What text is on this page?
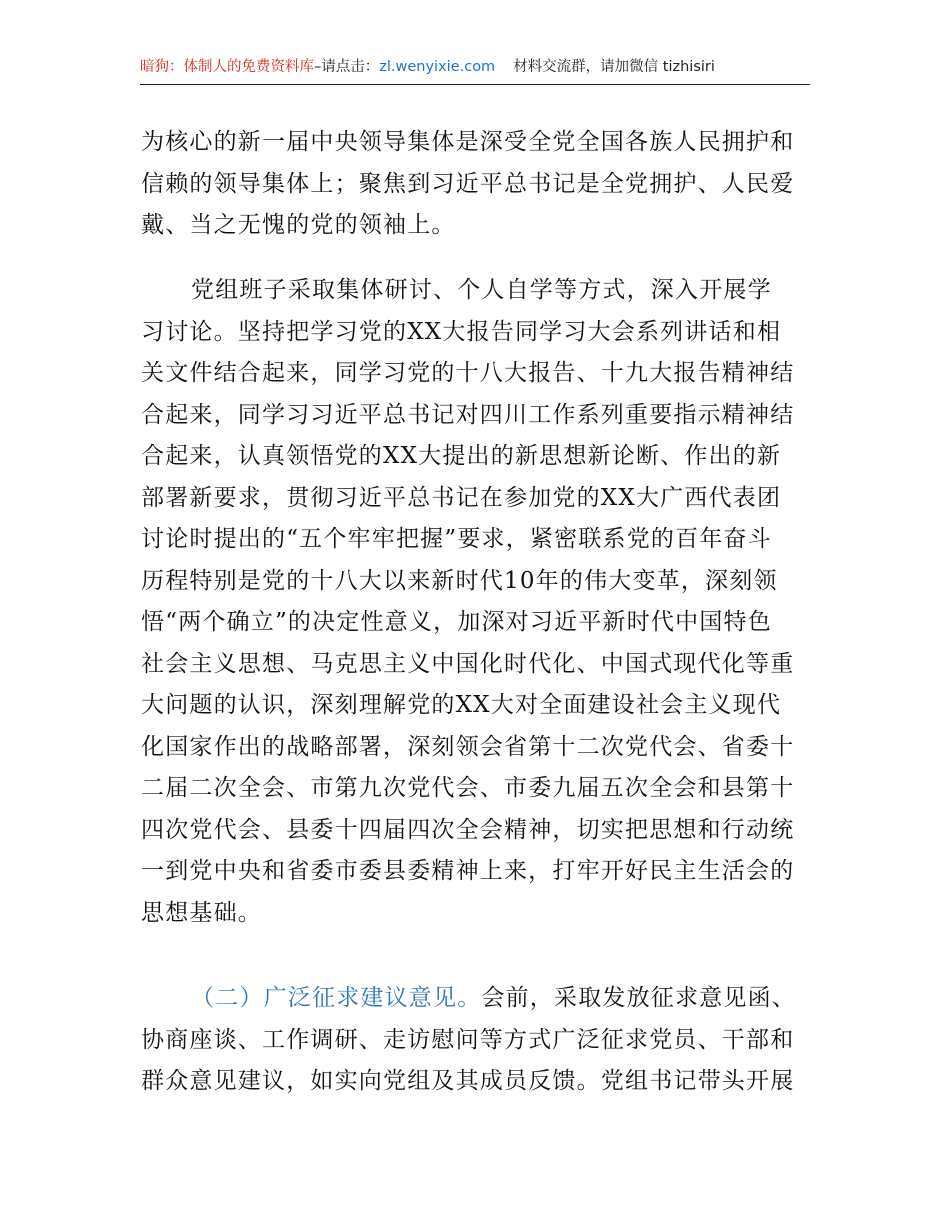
暗狗：体制人的免费资料库–请点击：zl.wenyixie.com 材料交流群，请加微信 tizhisiri
为核心的新一届中央领导集体是深受全党全国各族人民拥护和
信赖的领导集体上；聚焦到习近平总书记是全党拥护、人民爱
戴、当之无愧的党的领袖上。
党组班子采取集体研讨、个人自学等方式，深入开展学
习讨论。坚持把学习党的XX大报告同学习大会系列讲话和相
关文件结合起来，同学习党的十八大报告、十九大报告精神结
合起来，同学习习近平总书记对四川工作系列重要指示精神结
合起来，认真领悟党的XX大提出的新思想新论断、作出的新
部署新要求，贯彻习近平总书记在参加党的XX大广西代表团
讨论时提出的“五个牢牢把握”要求，紧密联系党的百年奋斗
历程特别是党的十八大以来新时代10年的伟大变革，深刻领
悟“两个确立”的决定性意义，加深对习近平新时代中国特色
社会主义思想、马克思主义中国化时代化、中国式现代化等重
大问题的认识，深刻理解党的XX大对全面建设社会主义现代
化国家作出的战略部署，深刻领会省第十二次党代会、省委十
二届二次全会、市第九次党代会、市委九届五次全会和县第十
四次党代会、县委十四届四次全会精神，切实把思想和行动统
一到党中央和省委市委县委精神上来，打牢开好民主生活会的
思想基础。
（二）广泛征求建议意见。会前，采取发放征求意见函、
协商座谈、工作调研、走访慰问等方式广泛征求党员、干部和
群众意见建议，如实向党组及其成员反馈。党组书记带头开展
